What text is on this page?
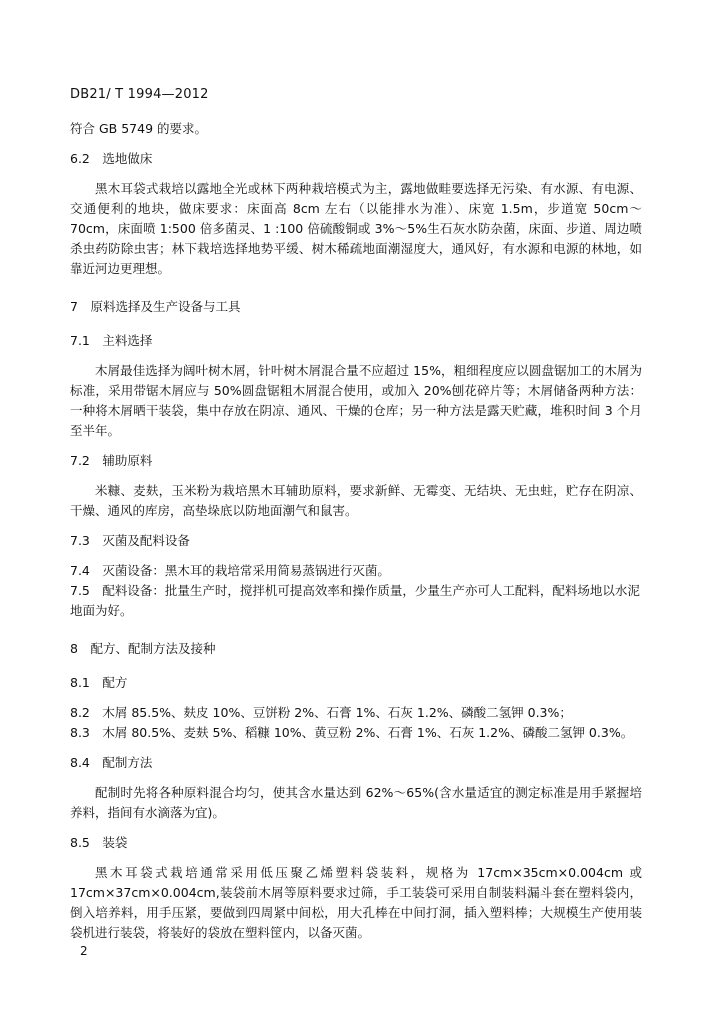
DB21/ T 1994—2012

符合 GB 5749 的要求。

6.2　选地做床

黑木耳袋式栽培以露地全光或林下两种栽培模式为主，露地做畦要选择无污染、有水源、有电源、交通便利的地块，做床要求：床面高 8cm 左右（以能排水为准）、床宽 1.5m，步道宽 50cm～70cm，床面喷 1:500 倍多菌灵、1 :100 倍硫酸铜或 3%～5%生石灰水防杂菌，床面、步道、周边喷杀虫药防除虫害；林下栽培选择地势平缓、树木稀疏地面潮湿度大，通风好，有水源和电源的林地，如靠近河边更理想。

7　原料选择及生产设备与工具

7.1　主料选择

木屑最佳选择为阔叶树木屑，针叶树木屑混合量不应超过 15%，粗细程度应以圆盘锯加工的木屑为标准，采用带锯木屑应与 50%圆盘锯粗木屑混合使用，或加入 20%刨花碎片等；木屑储备两种方法：一种将木屑晒干装袋，集中存放在阴凉、通风、干燥的仓库；另一种方法是露天贮藏，堆积时间 3 个月至半年。

7.2　辅助原料

米糠、麦麸，玉米粉为栽培黑木耳辅助原料，要求新鲜、无霉变、无结块、无虫蛀，贮存在阴凉、干燥、通风的库房，高垫垛底以防地面潮气和鼠害。

7.3　灭菌及配料设备

7.4　灭菌设备：黑木耳的栽培常采用简易蒸锅进行灭菌。

7.5　配料设备：批量生产时，搅拌机可提高效率和操作质量，少量生产亦可人工配料，配料场地以水泥地面为好。

8　配方、配制方法及接种

8.1　配方

8.2　木屑 85.5%、麸皮 10%、豆饼粉 2%、石膏 1%、石灰 1.2%、磷酸二氢钾 0.3%；

8.3　木屑 80.5%、麦麸 5%、稻糠 10%、黄豆粉 2%、石膏 1%、石灰 1.2%、磷酸二氢钾 0.3%。

8.4　配制方法

配制时先将各种原料混合均匀，使其含水量达到 62%～65%(含水量适宜的测定标准是用手紧握培养料，指间有水滴落为宜)。

8.5　装袋

黑木耳袋式栽培通常采用低压聚乙烯塑料袋装料，规格为 17cm×35cm×0.004cm 或 17cm×37cm×0.004cm,装袋前木屑等原料要求过筛，手工装袋可采用自制装料漏斗套在塑料袋内，倒入培养料，用手压紧，要做到四周紧中间松，用大孔棒在中间打洞，插入塑料棒；大规模生产使用装袋机进行装袋，将装好的袋放在塑料筐内，以备灭菌。

2
